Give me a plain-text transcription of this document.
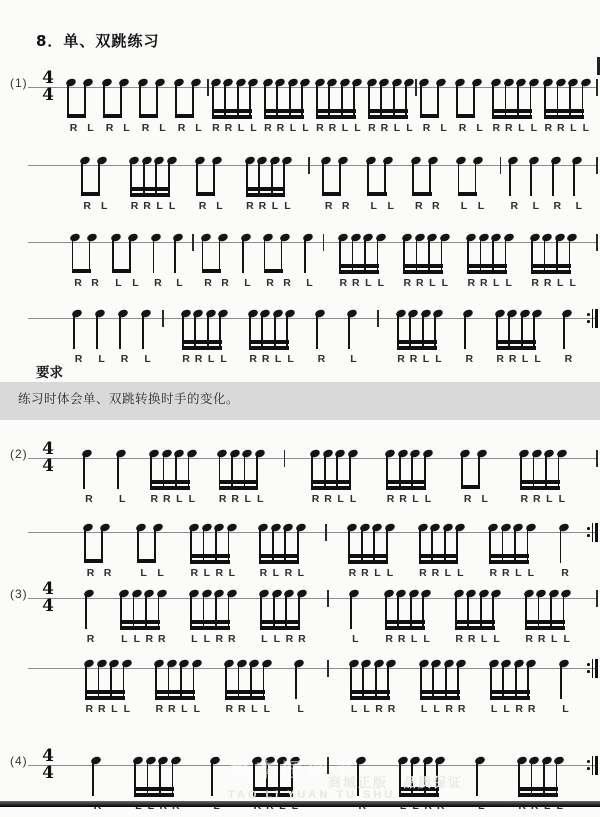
8．单、双跳练习
(1) 4
4
R L	R L	R L	R L R R L L R R L L R R L L R R L L R L	R L R R L L R R L L
R L	R R L L	R L	R R L L	R R	L	L	R R	L	L	R	L	R	L
R R	L	L	R	L	R R	L	R R	L	R R L L R R L L R R L L R R L L
R	L	R	L	R R L L R R L L	R	L	R R L L	R	R R L L	R
(2) 4
4
R	L	R R L L R R L L	R R L L	R R L L	R L	R R L L
R R	L	L	R L R L R L R L	R R L L R R L L R R L L	R
(3) 4
4
R	L L R R L L R R L L R R	L	R R L L R R L L R R L L
R R L L R R L L R R L L	L	L L R R L L R R L L R R	L
(4) 4
4
要求
桃李园图书
商城正版　品质保证
TAO LI YUAN TU SHU
练习时体会单、双跳转换时手的变化。
